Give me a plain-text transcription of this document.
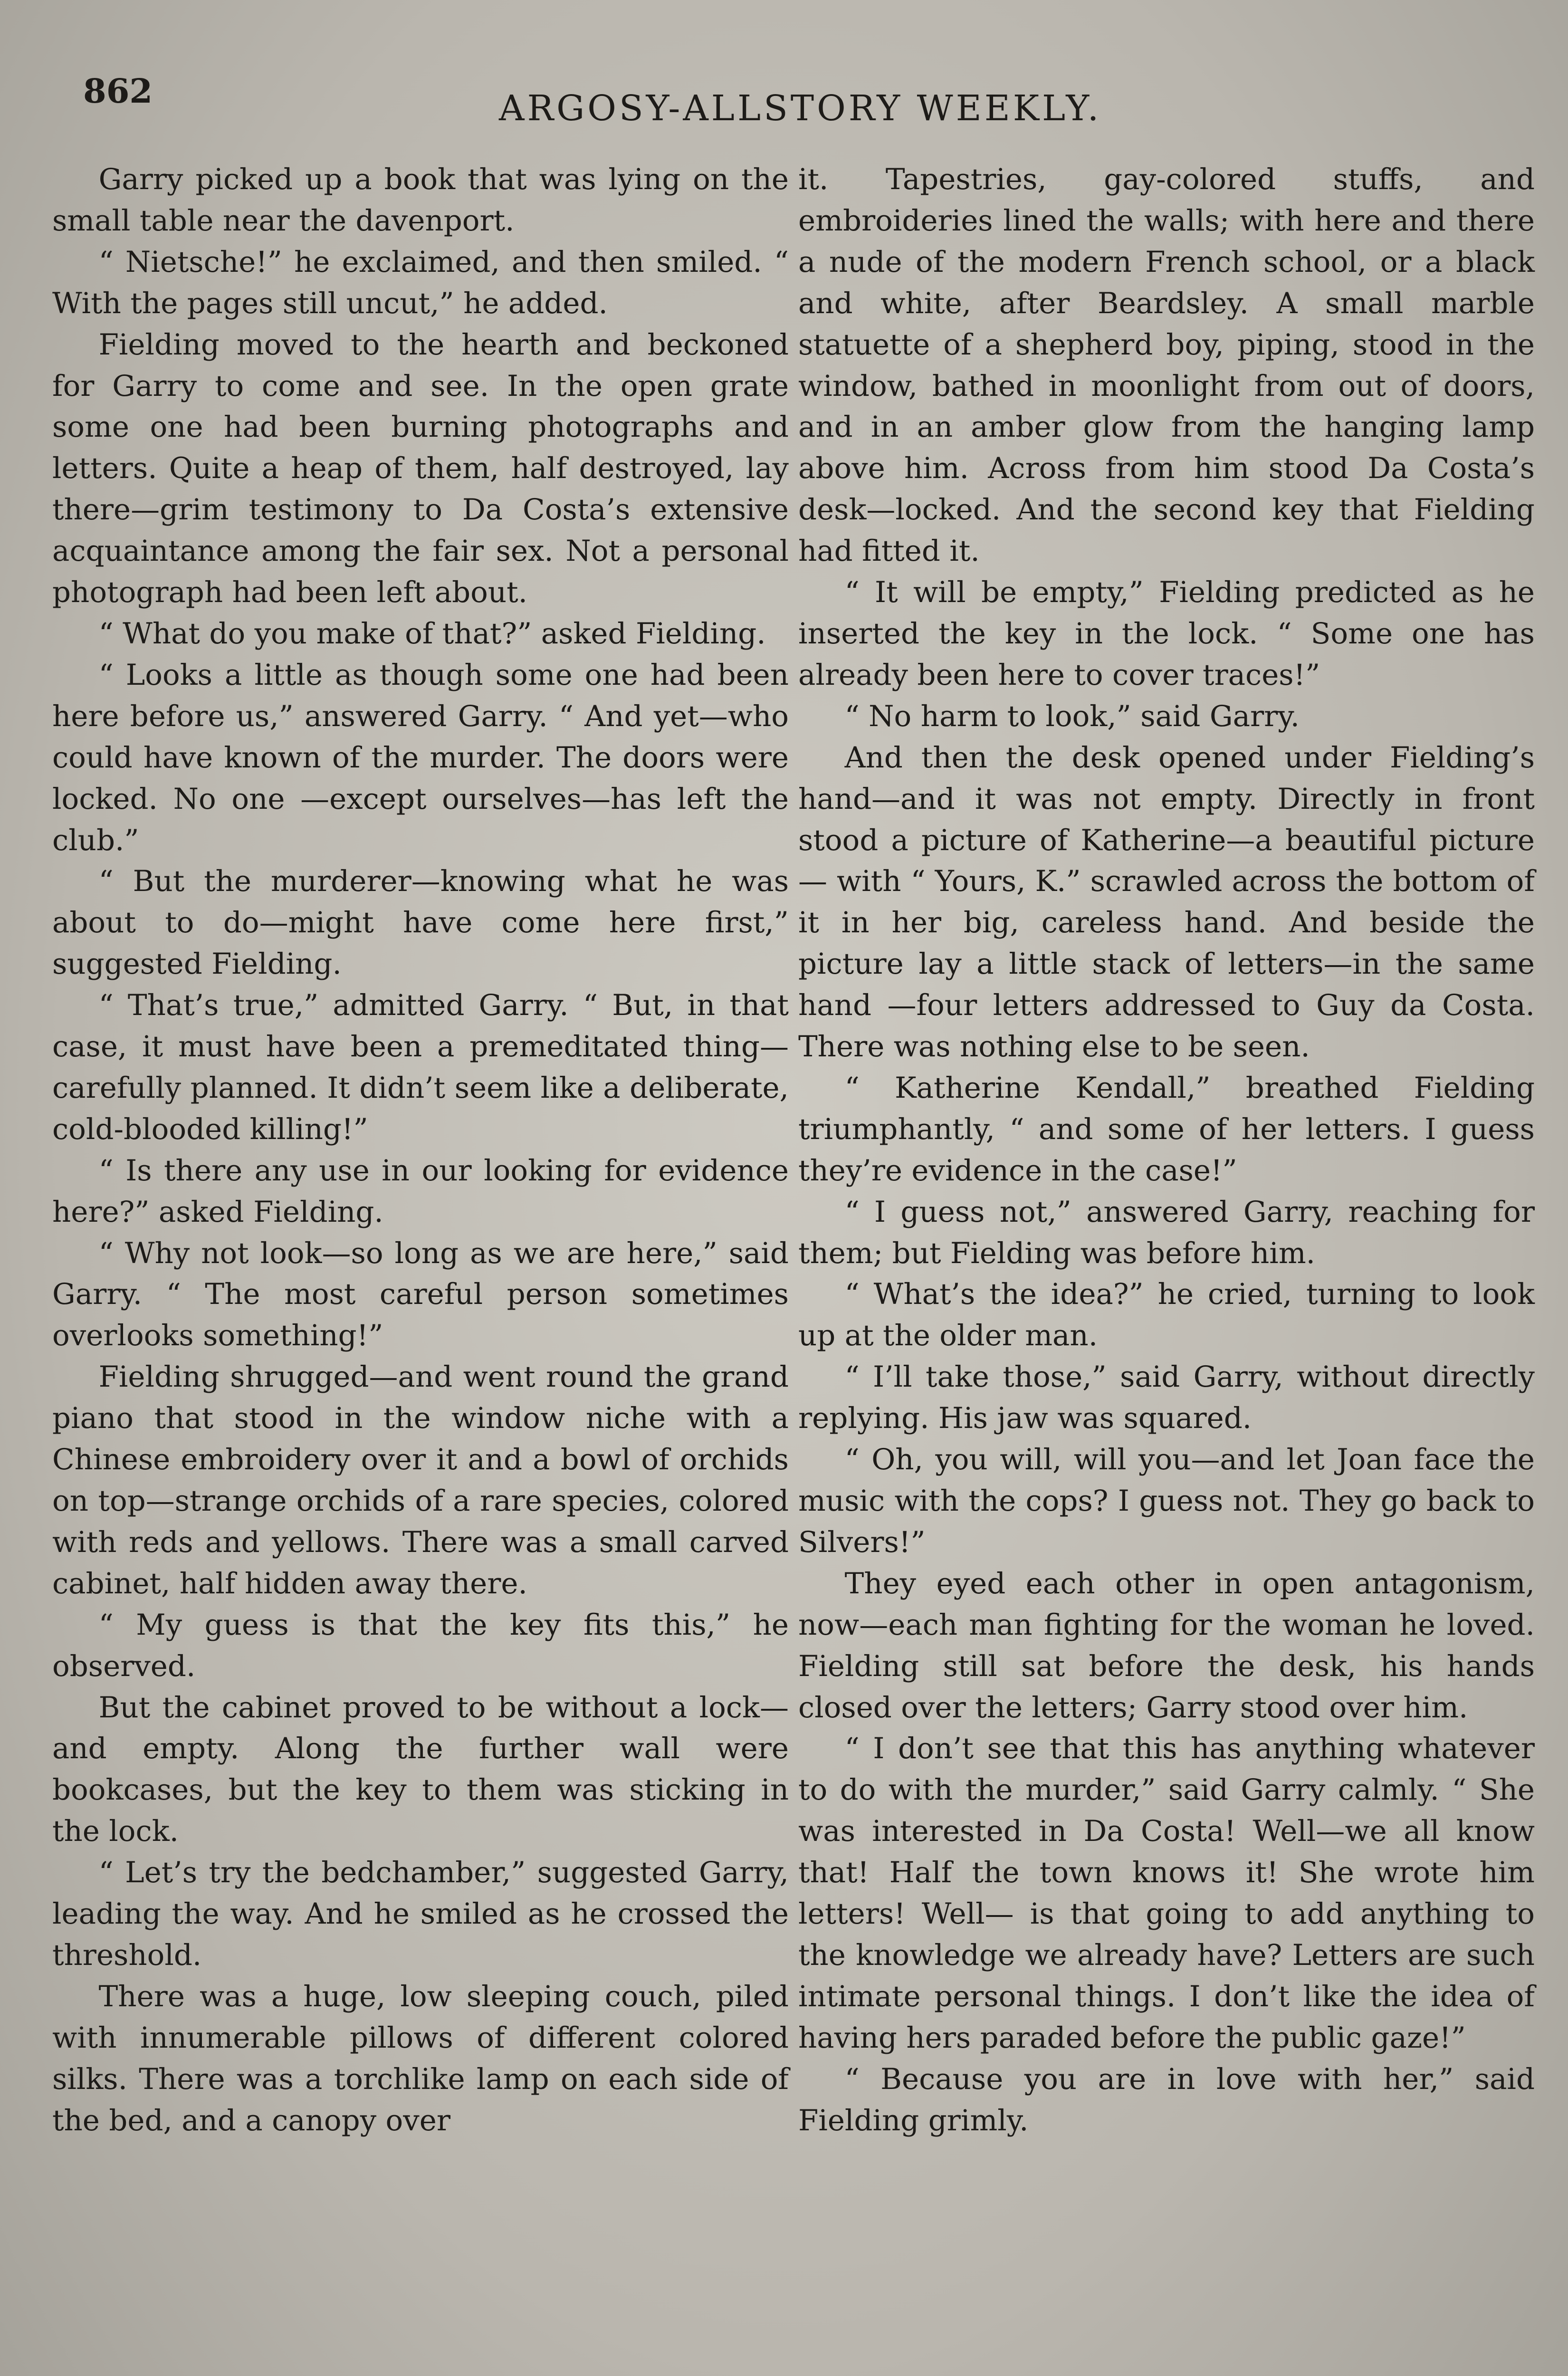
862	ARGOSY-ALLSTORY WEEKLY.

Garry picked up a book that was lying on the small table near the davenport.

“ Nietsche!” he exclaimed, and then smiled. “ With the pages still uncut,” he added.

Fielding moved to the hearth and beckoned for Garry to come and see. In the open grate some one had been burning photographs and letters. Quite a heap of them, half destroyed, lay there—grim testimony to Da Costa’s extensive acquaintance among the fair sex. Not a personal photograph had been left about.

“ What do you make of that?” asked Fielding.

“ Looks a little as though some one had been here before us,” answered Garry. “ And yet—who could have known of the murder. The doors were locked. No one —except ourselves—has left the club.”

“ But the murderer—knowing what he was about to do—might have come here first,” suggested Fielding.

“ That’s true,” admitted Garry. “ But, in that case, it must have been a premeditated thing—carefully planned. It didn’t seem like a deliberate, cold-blooded killing!”

“ Is there any use in our looking for evidence here?” asked Fielding.

“ Why not look—so long as we are here,” said Garry. “ The most careful person sometimes overlooks something!”

Fielding shrugged—and went round the grand piano that stood in the window niche with a Chinese embroidery over it and a bowl of orchids on top—strange orchids of a rare species, colored with reds and yellows. There was a small carved cabinet, half hidden away there.

“ My guess is that the key fits this,” he observed.

But the cabinet proved to be without a lock—and empty. Along the further wall were bookcases, but the key to them was sticking in the lock.

“ Let’s try the bedchamber,” suggested Garry, leading the way. And he smiled as he crossed the threshold.

There was a huge, low sleeping couch, piled with innumerable pillows of different colored silks. There was a torchlike lamp on each side of the bed, and a canopy over

it. Tapestries, gay-colored stuffs, and embroideries lined the walls; with here and there a nude of the modern French school, or a black and white, after Beardsley. A small marble statuette of a shepherd boy, piping, stood in the window, bathed in moonlight from out of doors, and in an amber glow from the hanging lamp above him. Across from him stood Da Costa’s desk—locked. And the second key that Fielding had fitted it.

“ It will be empty,” Fielding predicted as he inserted the key in the lock. “ Some one has already been here to cover traces!”

“ No harm to look,” said Garry.

And then the desk opened under Fielding’s hand—and it was not empty. Directly in front stood a picture of Katherine—a beautiful picture — with “ Yours, K.” scrawled across the bottom of it in her big, careless hand. And beside the picture lay a little stack of letters—in the same hand —four letters addressed to Guy da Costa. There was nothing else to be seen.

“ Katherine Kendall,” breathed Fielding triumphantly, “ and some of her letters. I guess they’re evidence in the case!”

“ I guess not,” answered Garry, reaching for them; but Fielding was before him.

“ What’s the idea?” he cried, turning to look up at the older man.

“ I’ll take those,” said Garry, without directly replying. His jaw was squared.

“ Oh, you will, will you—and let Joan face the music with the cops? I guess not. They go back to Silvers!”

They eyed each other in open antagonism, now—each man fighting for the woman he loved. Fielding still sat before the desk, his hands closed over the letters; Garry stood over him.

“ I don’t see that this has anything whatever to do with the murder,” said Garry calmly. “ She was interested in Da Costa! Well—we all know that! Half the town knows it! She wrote him letters! Well— is that going to add anything to the knowledge we already have? Letters are such intimate personal things. I don’t like the idea of having hers paraded before the public gaze!”

“ Because you are in love with her,” said Fielding grimly.
